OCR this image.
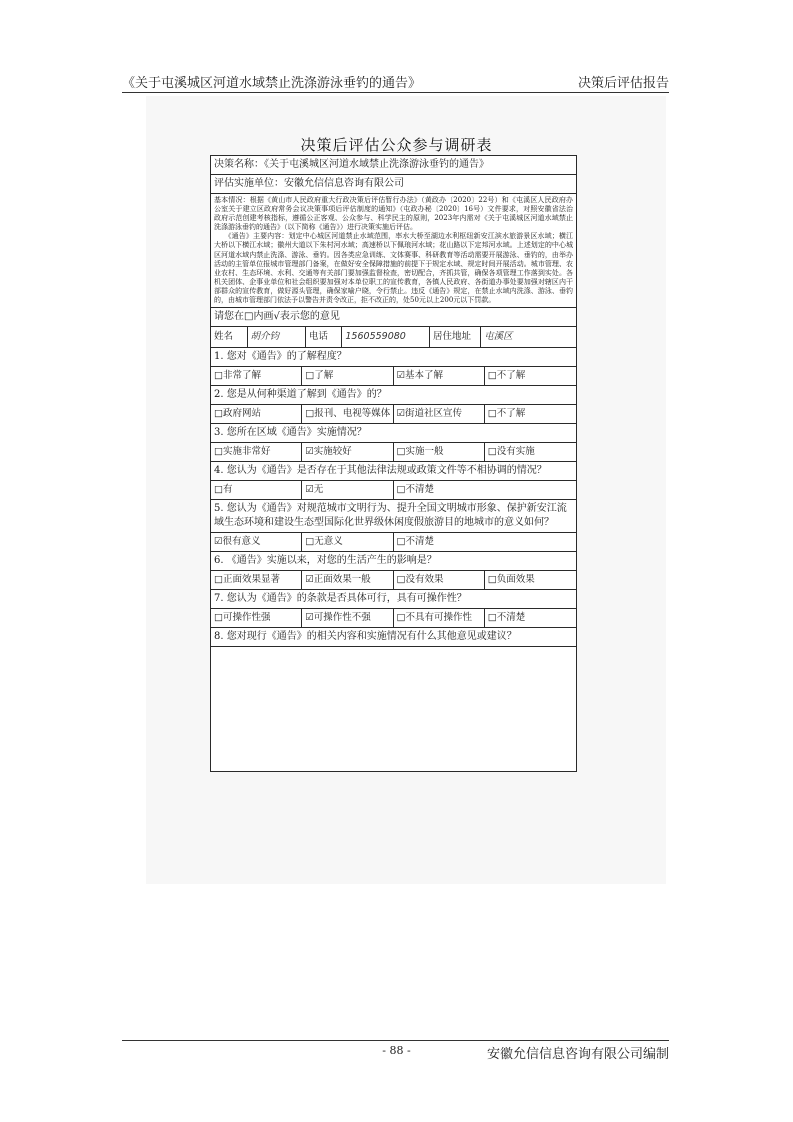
《关于屯溪城区河道水域禁止洗涤游泳垂钓的通告》	决策后评估报告
决策后评估公众参与调研表
决策名称：《关于屯溪城区河道水域禁止洗涤游泳垂钓的通告》
评估实施单位：安徽允信信息咨询有限公司

基本情况：根据《黄山市人民政府重大行政决策后评估暂行办法》（黄政办〔2020〕22号）和《屯溪区人民政府办公室关于建立区政府常务会议决策事项后评估制度的通知》（屯政办秘〔2020〕16号）文件要求，对照安徽省法治政府示范创建考核指标，遵循公正客观、公众参与、科学民主的原则，2023年内需对《关于屯溪城区河道水域禁止洗涤游泳垂钓的通告》（以下简称《通告》）进行决策实施后评估。

《通告》主要内容：划定中心城区河道禁止水域范围，率水大桥至湖边水利枢纽新安江滨水旅游景区水域；横江大桥以下横江水域；徽州大道以下朱村河水域；高速桥以下佩琅河水域；花山路以下定邦河水域。上述划定的中心城区河道水域内禁止洗涤、游泳、垂钓。因各类应急训练、文体赛事、科研教育等活动需要开展游泳、垂钓的，由举办活动的主管单位报城市管理部门备案，在做好安全保障措施的前提下于规定水域、规定时间开展活动。城市管理、农业农村、生态环境、水利、交通等有关部门要加强监督检查，密切配合，齐抓共管，确保各项管理工作落到实处。各机关团体、企事业单位和社会组织要加强对本单位职工的宣传教育，各镇人民政府、各街道办事处要加强对辖区内干部群众的宣传教育，做好源头管理，确保家喻户晓，令行禁止。违反《通告》规定，在禁止水域内洗涤、游泳、垂钓的，由城市管理部门依法予以警告并责令改正，拒不改正的，处50元以上200元以下罚款。

请您在□内画√表示您的意见
姓名	胡介钧	电话	1560559080	居住地址	屯溪区
1. 您对《通告》的了解程度？
□非常了解	□了解	☑基本了解	□不了解
2. 您是从何种渠道了解到《通告》的？
□政府网站	□报刊、电视等媒体 ☑街道社区宣传	□不了解
3. 您所在区域《通告》实施情况？
□实施非常好	☑实施较好	□实施一般	□没有实施
4. 您认为《通告》是否存在于其他法律法规或政策文件等不相协调的情况？
□有	☑无	□不清楚
5. 您认为《通告》对规范城市文明行为、提升全国文明城市形象、保护新安江流域生态环境和建设生态型国际化世界级休闲度假旅游目的地城市的意义如何？
☑很有意义	□无意义	□不清楚
6. 《通告》实施以来，对您的生活产生的影响是？
□正面效果显著	☑正面效果一般	□没有效果	□负面效果
7. 您认为《通告》的条款是否具体可行，具有可操作性？
□可操作性强	☑可操作性不强	□不具有可操作性	□不清楚
8. 您对现行《通告》的相关内容和实施情况有什么其他意见或建议？
- 88 -	安徽允信信息咨询有限公司编制
